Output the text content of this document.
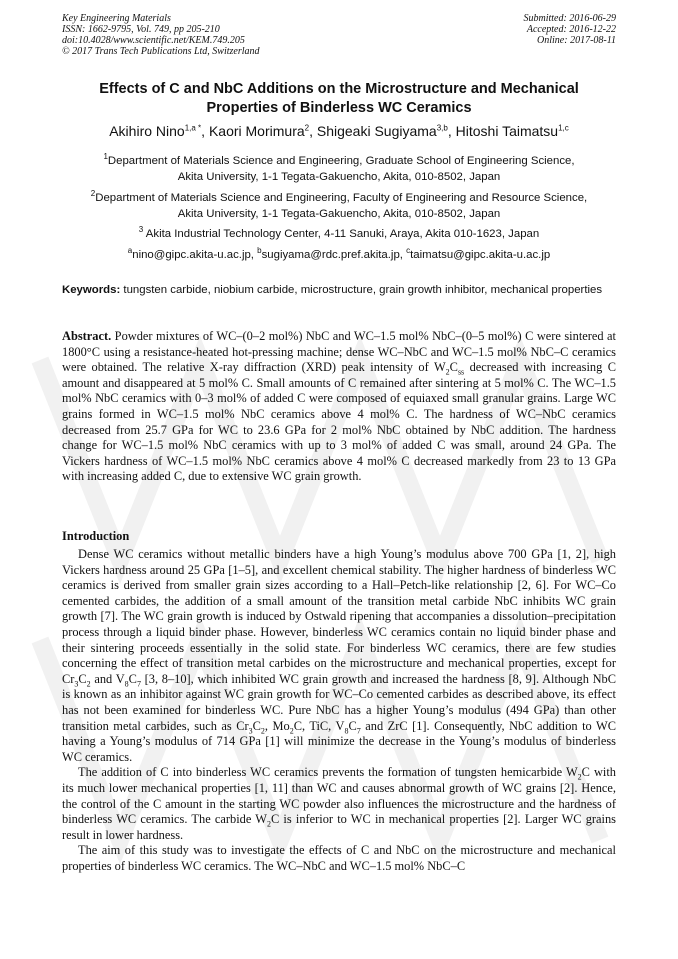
Key Engineering Materials
ISSN: 1662-9795, Vol. 749, pp 205-210
doi:10.4028/www.scientific.net/KEM.749.205
© 2017 Trans Tech Publications Ltd, Switzerland
Submitted: 2016-06-29
Accepted: 2016-12-22
Online: 2017-08-11
Effects of C and NbC Additions on the Microstructure and Mechanical
Properties of Binderless WC Ceramics
Akihiro Nino$^{1,a *}$, Kaori Morimura$^2$, Shigeaki Sugiyama$^{3,b}$, Hitoshi Taimatsu$^{1,c}$
$^1$Department of Materials Science and Engineering, Graduate School of Engineering Science,
Akita University, 1-1 Tegata-Gakuencho, Akita, 010-8502, Japan
$^2$Department of Materials Science and Engineering, Faculty of Engineering and Resource Science,
Akita University, 1-1 Tegata-Gakuencho, Akita, 010-8502, Japan
$^3$ Akita Industrial Technology Center, 4-11 Sanuki, Araya, Akita 010-1623, Japan
$^a$nino@gipc.akita-u.ac.jp, $^b$sugiyama@rdc.pref.akita.jp, $^c$taimatsu@gipc.akita-u.ac.jp
Keywords: tungsten carbide, niobium carbide, microstructure, grain growth inhibitor, mechanical properties
Abstract. Powder mixtures of WC–(0–2 mol%) NbC and WC–1.5 mol% NbC–(0–5 mol%) C were sintered at 1800°C using a resistance-heated hot-pressing machine; dense WC–NbC and WC–1.5 mol% NbC–C ceramics were obtained. The relative X-ray diffraction (XRD) peak intensity of $W_2C_{ss}$ decreased with increasing C amount and disappeared at 5 mol% C. Small amounts of C remained after sintering at 5 mol% C. The WC–1.5 mol% NbC ceramics with 0–3 mol% of added C were composed of equiaxed small granular grains. Large WC grains formed in WC–1.5 mol% NbC ceramics above 4 mol% C. The hardness of WC–NbC ceramics decreased from 25.7 GPa for WC to 23.6 GPa for 2 mol% NbC obtained by NbC addition. The hardness change for WC–1.5 mol% NbC ceramics with up to 3 mol% of added C was small, around 24 GPa. The Vickers hardness of WC–1.5 mol% NbC ceramics above 4 mol% C decreased markedly from 23 to 13 GPa with increasing added C, due to extensive WC grain growth.
Introduction

Dense WC ceramics without metallic binders have a high Young’s modulus above 700 GPa [1, 2], high Vickers hardness around 25 GPa [1–5], and excellent chemical stability. The higher hardness of binderless WC ceramics is derived from smaller grain sizes according to a Hall–Petch-like relationship [2, 6]. For WC–Co cemented carbides, the addition of a small amount of the transition metal carbide NbC inhibits WC grain growth [7]. The WC grain growth is induced by Ostwald ripening that accompanies a dissolution–precipitation process through a liquid binder phase. However, binderless WC ceramics contain no liquid binder phase and their sintering proceeds essentially in the solid state. For binderless WC ceramics, there are few studies concerning the effect of transition metal carbides on the microstructure and mechanical properties, except for $Cr_3C_2$ and $V_8C_7$ [3, 8–10], which inhibited WC grain growth and increased the hardness [8, 9]. Although NbC is known as an inhibitor against WC grain growth for WC–Co cemented carbides as described above, its effect has not been examined for binderless WC. Pure NbC has a higher Young’s modulus (494 GPa) than other transition metal carbides, such as $Cr_3C_2$, $Mo_2C$, TiC, $V_8C_7$ and ZrC [1]. Consequently, NbC addition to WC having a Young’s modulus of 714 GPa [1] will minimize the decrease in the Young’s modulus of binderless WC ceramics.

The addition of C into binderless WC ceramics prevents the formation of tungsten hemicarbide $W_2C$ with its much lower mechanical properties [1, 11] than WC and causes abnormal growth of WC grains [2]. Hence, the control of the C amount in the starting WC powder also influences the microstructure and the hardness of binderless WC ceramics. The carbide $W_2C$ is inferior to WC in mechanical properties [2]. Larger WC grains result in lower hardness.

The aim of this study was to investigate the effects of C and NbC on the microstructure and mechanical properties of binderless WC ceramics. The WC–NbC and WC–1.5 mol% NbC–C
